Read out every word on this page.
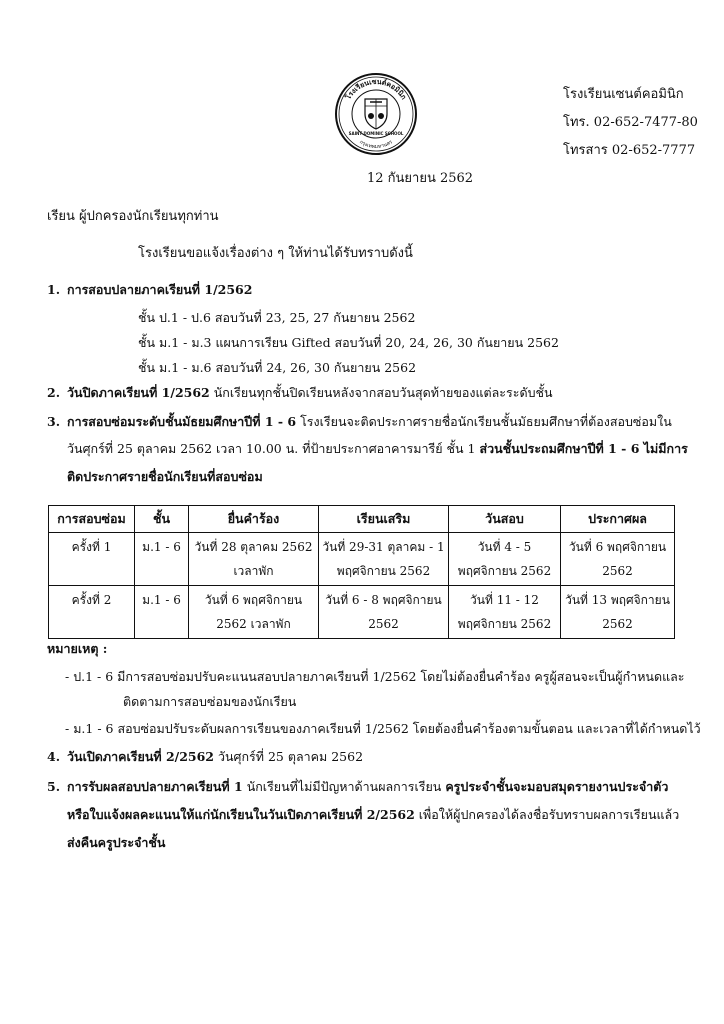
โรงเรียนเซนต์คอมินิก
กรุงเทพมหานคร
SAINT DOMINIC SCHOOL
โรงเรียนเซนต์คอมินิก
โทร. 02-652-7477-80
โทรสาร 02-652-7777
12 กันยายน 2562
เรียน ผู้ปกครองนักเรียนทุกท่าน
โรงเรียนขอแจ้งเรื่องต่าง ๆ ให้ท่านได้รับทราบดังนี้
1. การสอบปลายภาคเรียนที่ 1/2562
ชั้น ป.1 - ป.6 สอบวันที่ 23, 25, 27 กันยายน 2562
ชั้น ม.1 - ม.3 แผนการเรียน Gifted สอบวันที่ 20, 24, 26, 30 กันยายน 2562
ชั้น ม.1 - ม.6 สอบวันที่ 24, 26, 30 กันยายน 2562
2. วันปิดภาคเรียนที่ 1/2562 นักเรียนทุกชั้นปิดเรียนหลังจากสอบวันสุดท้ายของแต่ละระดับชั้น
3. การสอบซ่อมระดับชั้นมัธยมศึกษาปีที่ 1 - 6 โรงเรียนจะติดประกาศรายชื่อนักเรียนชั้นมัธยมศึกษาที่ต้องสอบซ่อมใน
วันศุกร์ที่ 25 ตุลาคม 2562 เวลา 10.00 น. ที่ป้ายประกาศอาคารมารีย์ ชั้น 1 ส่วนชั้นประถมศึกษาปีที่ 1 - 6 ไม่มีการ
ติดประกาศรายชื่อนักเรียนที่สอบซ่อม
การสอบซ่อม	ชั้น	ยื่นคำร้อง	เรียนเสริม	วันสอบ	ประกาศผล
ครั้งที่ 1	ม.1 - 6	วันที่ 28 ตุลาคม 2562 เวลาพัก	วันที่ 29-31 ตุลาคม - 1 พฤศจิกายน 2562	วันที่ 4 - 5 พฤศจิกายน 2562	วันที่ 6 พฤศจิกายน 2562
ครั้งที่ 2	ม.1 - 6	วันที่ 6 พฤศจิกายน 2562 เวลาพัก	วันที่ 6 - 8 พฤศจิกายน 2562	วันที่ 11 - 12 พฤศจิกายน 2562	วันที่ 13 พฤศจิกายน 2562
หมายเหตุ :
- ป.1 - 6 มีการสอบซ่อมปรับคะแนนสอบปลายภาคเรียนที่ 1/2562 โดยไม่ต้องยื่นคำร้อง ครูผู้สอนจะเป็นผู้กำหนดและ
ติดตามการสอบซ่อมของนักเรียน
- ม.1 - 6 สอบซ่อมปรับระดับผลการเรียนของภาคเรียนที่ 1/2562 โดยต้องยื่นคำร้องตามขั้นตอน และเวลาที่ได้กำหนดไว้
4. วันเปิดภาคเรียนที่ 2/2562 วันศุกร์ที่ 25 ตุลาคม 2562
5. การรับผลสอบปลายภาคเรียนที่ 1 นักเรียนที่ไม่มีปัญหาด้านผลการเรียน ครูประจำชั้นจะมอบสมุดรายงานประจำตัว
หรือใบแจ้งผลคะแนนให้แก่นักเรียนในวันเปิดภาคเรียนที่ 2/2562 เพื่อให้ผู้ปกครองได้ลงชื่อรับทราบผลการเรียนแล้ว
ส่งคืนครูประจำชั้น
